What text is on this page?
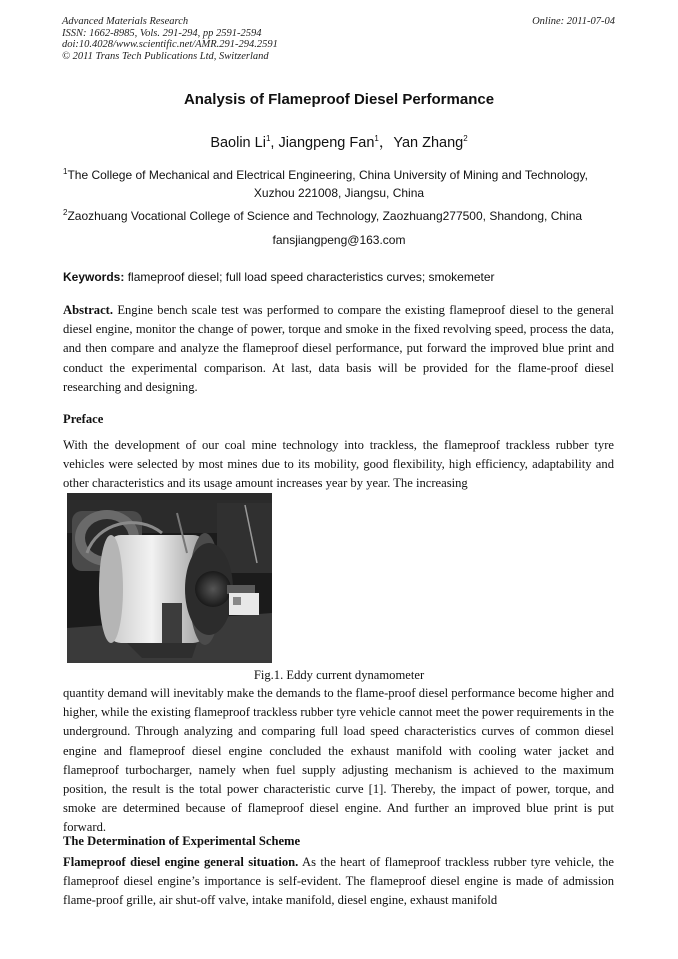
Advanced Materials Research
ISSN: 1662-8985, Vols. 291-294, pp 2591-2594
doi:10.4028/www.scientific.net/AMR.291-294.2591
© 2011 Trans Tech Publications Ltd, Switzerland
Online: 2011-07-04
Analysis of Flameproof Diesel Performance
Baolin Li$^1$, Jiangpeng Fan$^1$，Yan Zhang$^2$
$^1$The College of Mechanical and Electrical Engineering, China University of Mining and Technology,
Xuzhou 221008, Jiangsu, China
$^2$Zaozhuang Vocational College of Science and Technology, Zaozhuang277500, Shandong, China
fansjiangpeng@163.com
Keywords: flameproof diesel; full load speed characteristics curves; smokemeter
Abstract. Engine bench scale test was performed to compare the existing flameproof diesel to the general diesel engine, monitor the change of power, torque and smoke in the fixed revolving speed, process the data, and then compare and analyze the flameproof diesel performance, put forward the improved blue print and conduct the experimental comparison. At last, data basis will be provided for the flame-proof diesel researching and designing.
Preface
With the development of our coal mine technology into trackless, the flameproof trackless rubber tyre vehicles were selected by most mines due to its mobility, good flexibility, high efficiency, adaptability and other characteristics and its usage amount increases year by year. The increasing
Fig.1. Eddy current dynamometer
quantity demand will inevitably make the demands to the flame-proof diesel performance become higher and higher, while the existing flameproof trackless rubber tyre vehicle cannot meet the power requirements in the underground. Through analyzing and comparing full load speed characteristics curves of common diesel engine and flameproof diesel engine concluded the exhaust manifold with cooling water jacket and flameproof turbocharger, namely when fuel supply adjusting mechanism is achieved to the maximum position, the result is the total power characteristic curve [1]. Thereby, the impact of power, torque, and smoke are determined because of flameproof diesel engine. And further an improved blue print is put forward.
The Determination of Experimental Scheme
Flameproof diesel engine general situation. As the heart of flameproof trackless rubber tyre vehicle, the flameproof diesel engine’s importance is self-evident. The flameproof diesel engine is made of admission flame-proof grille, air shut-off valve, intake manifold, diesel engine, exhaust manifold
